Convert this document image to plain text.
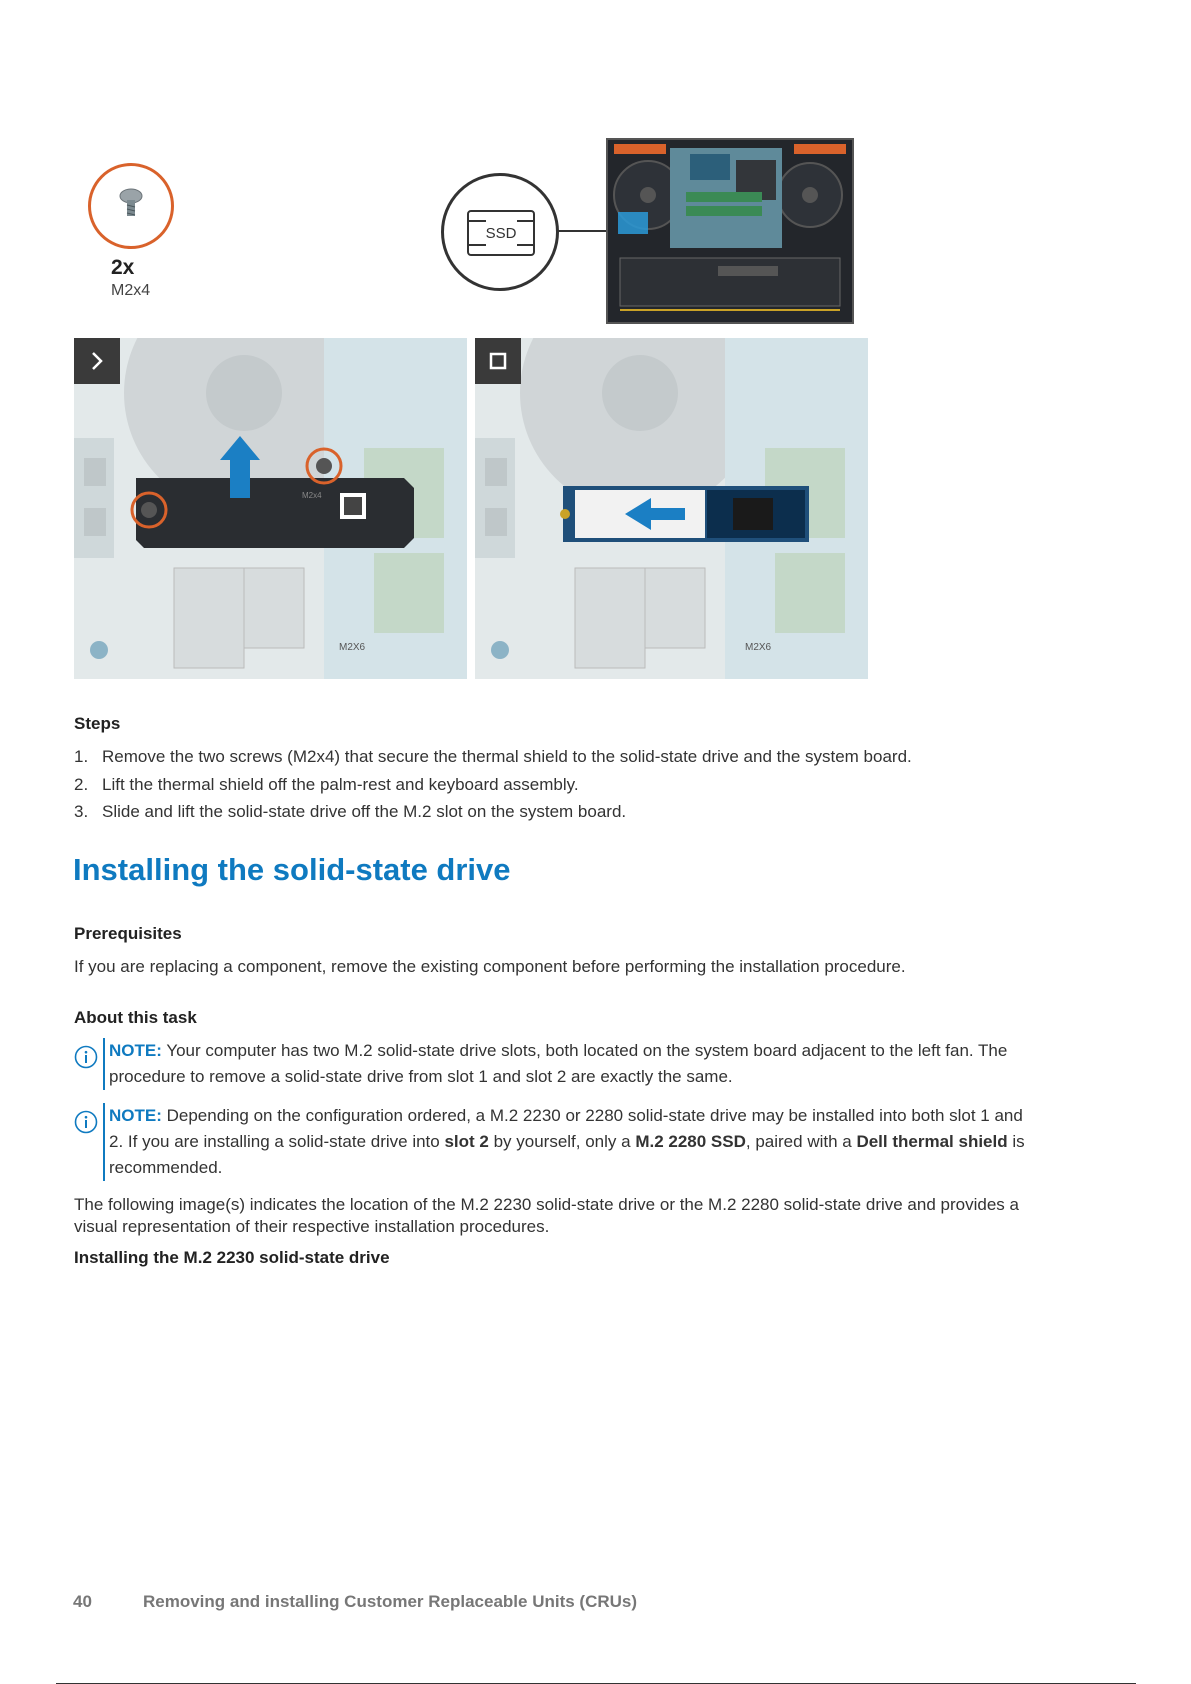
2x
M2x4
SSD
M2X6
M2x4
M2X6
Steps
1. Remove the two screws (M2x4) that secure the thermal shield to the solid-state drive and the system board.
2. Lift the thermal shield off the palm-rest and keyboard assembly.
3. Slide and lift the solid-state drive off the M.2 slot on the system board.
Installing the solid-state drive
Prerequisites
If you are replacing a component, remove the existing component before performing the installation procedure.
About this task
NOTE: Your computer has two M.2 solid-state drive slots, both located on the system board adjacent to the left fan. The
procedure to remove a solid-state drive from slot 1 and slot 2 are exactly the same.
NOTE: Depending on the configuration ordered, a M.2 2230 or 2280 solid-state drive may be installed into both slot 1 and
2. If you are installing a solid-state drive into slot 2 by yourself, only a M.2 2280 SSD, paired with a Dell thermal shield is
recommended.
The following image(s) indicates the location of the M.2 2230 solid-state drive or the M.2 2280 solid-state drive and provides a
visual representation of their respective installation procedures.
Installing the M.2 2230 solid-state drive
40	Removing and installing Customer Replaceable Units (CRUs)
